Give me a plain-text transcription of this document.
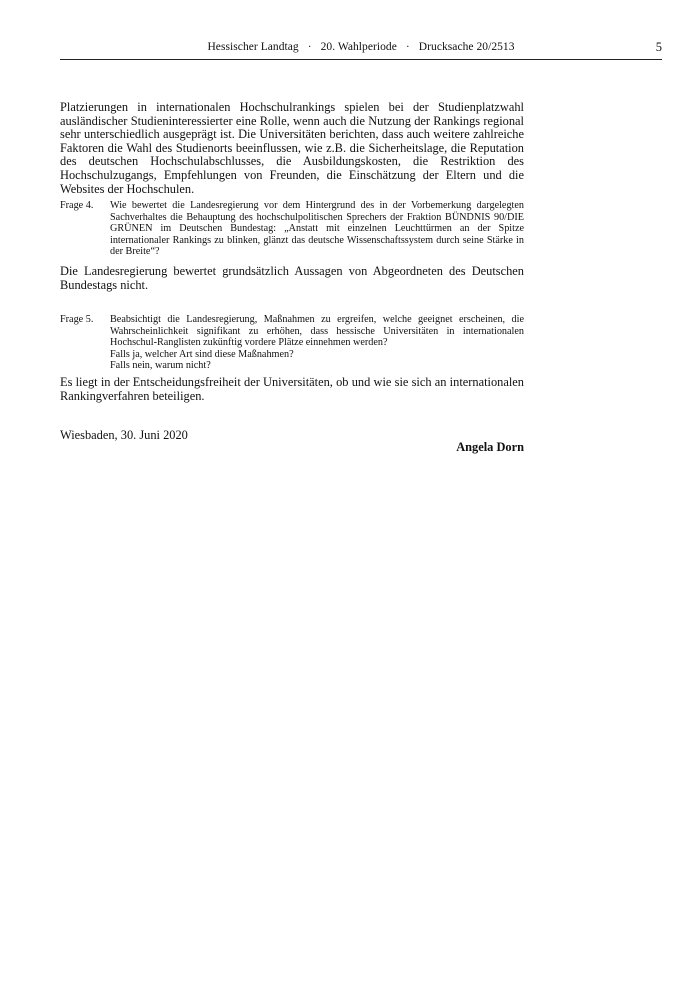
Hessischer Landtag · 20. Wahlperiode · Drucksache 20/2513	5

Platzierungen in internationalen Hochschulrankings spielen bei der Studienplatzwahl ausländischer Studieninteressierter eine Rolle, wenn auch die Nutzung der Rankings regional sehr unterschiedlich ausgeprägt ist. Die Universitäten berichten, dass auch weitere zahlreiche Faktoren die Wahl des Studienorts beeinflussen, wie z.B. die Sicherheitslage, die Reputation des deutschen Hochschulabschlusses, die Ausbildungskosten, die Restriktion des Hochschulzugangs, Empfehlungen von Freunden, die Einschätzung der Eltern und die Websites der Hochschulen.

Frage 4.	Wie bewertet die Landesregierung vor dem Hintergrund des in der Vorbemerkung dargelegten Sachverhaltes die Behauptung des hochschulpolitischen Sprechers der Fraktion BÜNDNIS 90/DIE GRÜNEN im Deutschen Bundestag: „Anstatt mit einzelnen Leuchttürmen an der Spitze internationaler Rankings zu blinken, glänzt das deutsche Wissenschaftssystem durch seine Stärke in der Breite“?

Die Landesregierung bewertet grundsätzlich Aussagen von Abgeordneten des Deutschen Bundestags nicht.

Frage 5.	Beabsichtigt die Landesregierung, Maßnahmen zu ergreifen, welche geeignet erscheinen, die Wahrscheinlichkeit signifikant zu erhöhen, dass hessische Universitäten in internationalen Hochschul-Ranglisten zukünftig vordere Plätze einnehmen werden?
Falls ja, welcher Art sind diese Maßnahmen?
Falls nein, warum nicht?

Es liegt in der Entscheidungsfreiheit der Universitäten, ob und wie sie sich an internationalen Rankingverfahren beteiligen.

Wiesbaden, 30. Juni 2020
Angela Dorn
